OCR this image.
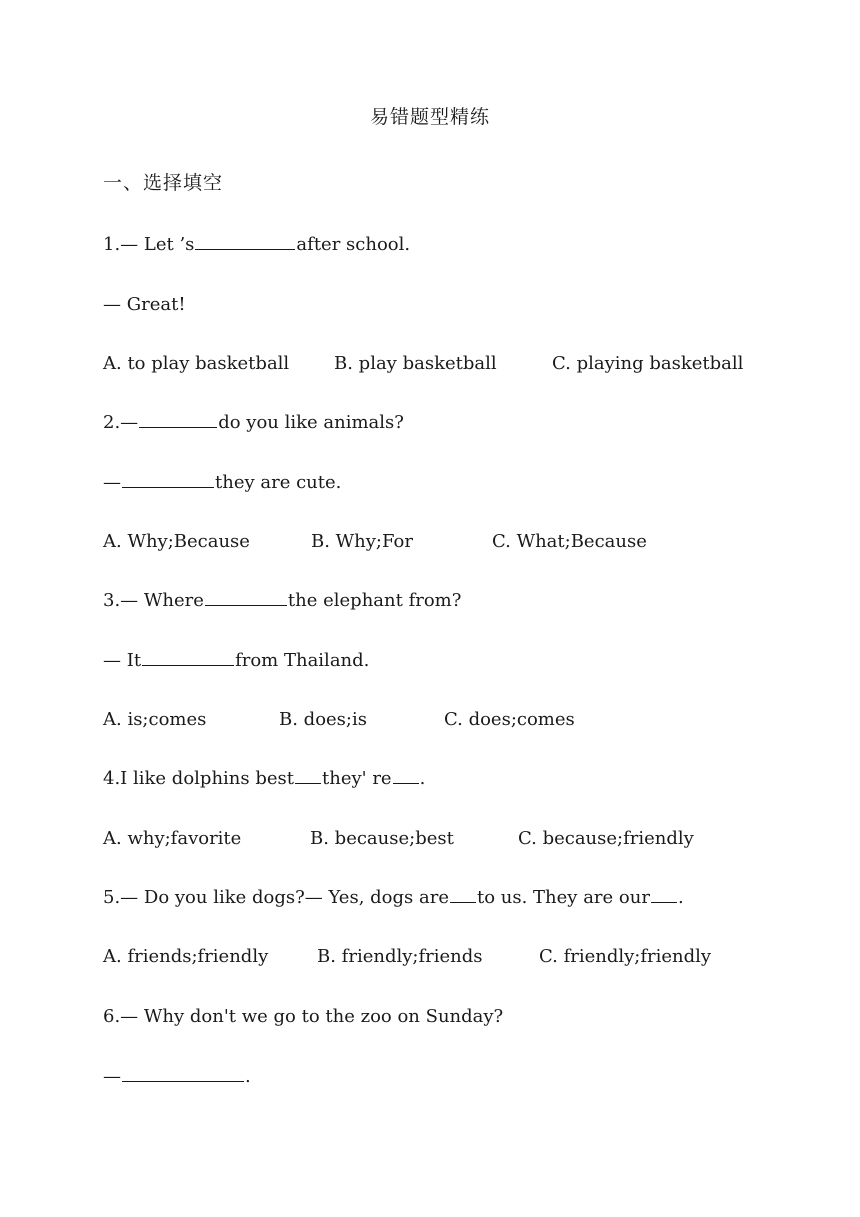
易错题型精练
一、选择填空
1.— Let ’s	after school.
— Great!
A. to play basketball B. play basketball	C. playing basketball
2.—	do you like animals?
—	they are cute.
A. Why;Because	B. Why;For	C. What;Because
3.— Where	the elephant from?
— It	from Thailand.
A. is;comes	B. does;is	C. does;comes
4.I like dolphins best they' re .
A. why;favorite	B. because;best	C. because;friendly
5.— Do you like dogs?— Yes, dogs are to us. They are our .
A. friends;friendly	B. friendly;friends	C. friendly;friendly
6.— Why don't we go to the zoo on Sunday?
—	.
